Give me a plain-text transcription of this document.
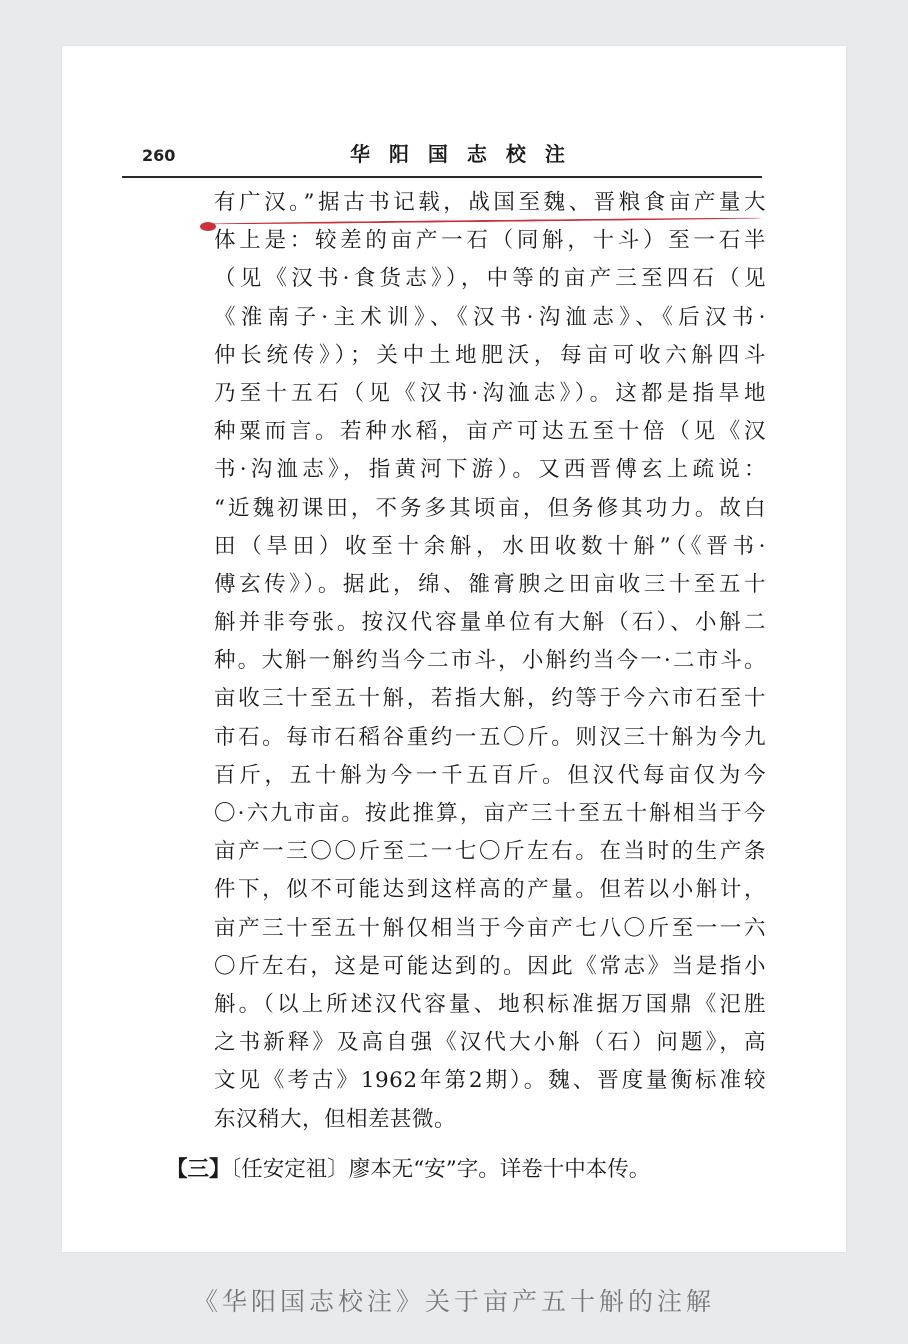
260	华 阳 国 志 校 注
有广汉。”据古书记载，战国至魏、晋粮食亩产量大
体上是：较差的亩产一石（同斛，十斗）至一石半
（见《汉书·食货志》），中等的亩产三至四石（见
《淮南子·主术训》、《汉书·沟洫志》、《后汉书·
仲长统传》）；关中土地肥沃，每亩可收六斛四斗
乃至十五石（见《汉书·沟洫志》）。这都是指旱地
种粟而言。若种水稻，亩产可达五至十倍（见《汉
书·沟洫志》，指黄河下游）。又西晋傅玄上疏说：
“近魏初课田，不务多其顷亩，但务修其功力。故白
田（旱田）收至十余斛，水田收数十斛”（《晋书·
傅玄传》）。据此，绵、雒膏腴之田亩收三十至五十
斛并非夸张。按汉代容量单位有大斛（石）、小斛二
种。大斛一斛约当今二市斗，小斛约当今一·二市斗。
亩收三十至五十斛，若指大斛，约等于今六市石至十
市石。每市石稻谷重约一五〇斤。则汉三十斛为今九
百斤，五十斛为今一千五百斤。但汉代每亩仅为今
〇·六九市亩。按此推算，亩产三十至五十斛相当于今
亩产一三〇〇斤至二一七〇斤左右。在当时的生产条
件下，似不可能达到这样高的产量。但若以小斛计，
亩产三十至五十斛仅相当于今亩产七八〇斤至一一六
〇斤左右，这是可能达到的。因此《常志》当是指小
斛。（以上所述汉代容量、地积标准据万国鼎《汜胜
之书新释》及高自强《汉代大小斛（石）问题》，高
文见《考古》1962年第2期）。魏、晋度量衡标准较
东汉稍大，但相差甚微。
【三】〔任安定祖〕廖本无“安”字。详卷十中本传。
《华阳国志校注》关于亩产五十斛的注解
